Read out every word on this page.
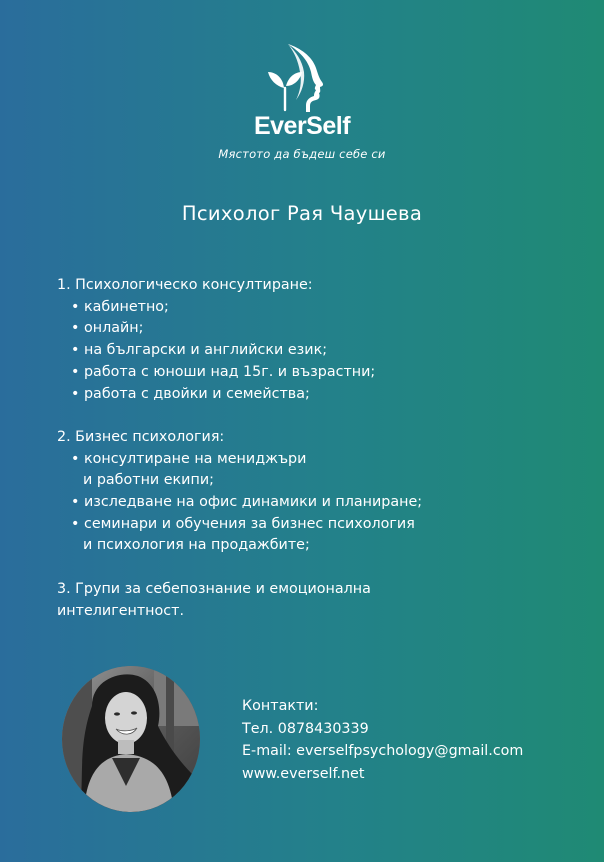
EverSelf
Мястото да бъдеш себе си
Психолог Рая Чаушева
1. Психологическо консултиране:
• кабинетно;
• онлайн;
• на български и английски език;
• работа с юноши над 15г. и възрастни;
• работа с двойки и семейства;
2. Бизнес психология:
• консултиране на мениджъри
и работни екипи;
• изследване на офис динамики и планиране;
• семинари и обучения за бизнес психология
и психология на продажбите;
3. Групи за себепознание и емоционална
интелигентност.
Контакти:
Тел. 0878430339
E-mail: everselfpsychology@gmail.com
www.everself.net
